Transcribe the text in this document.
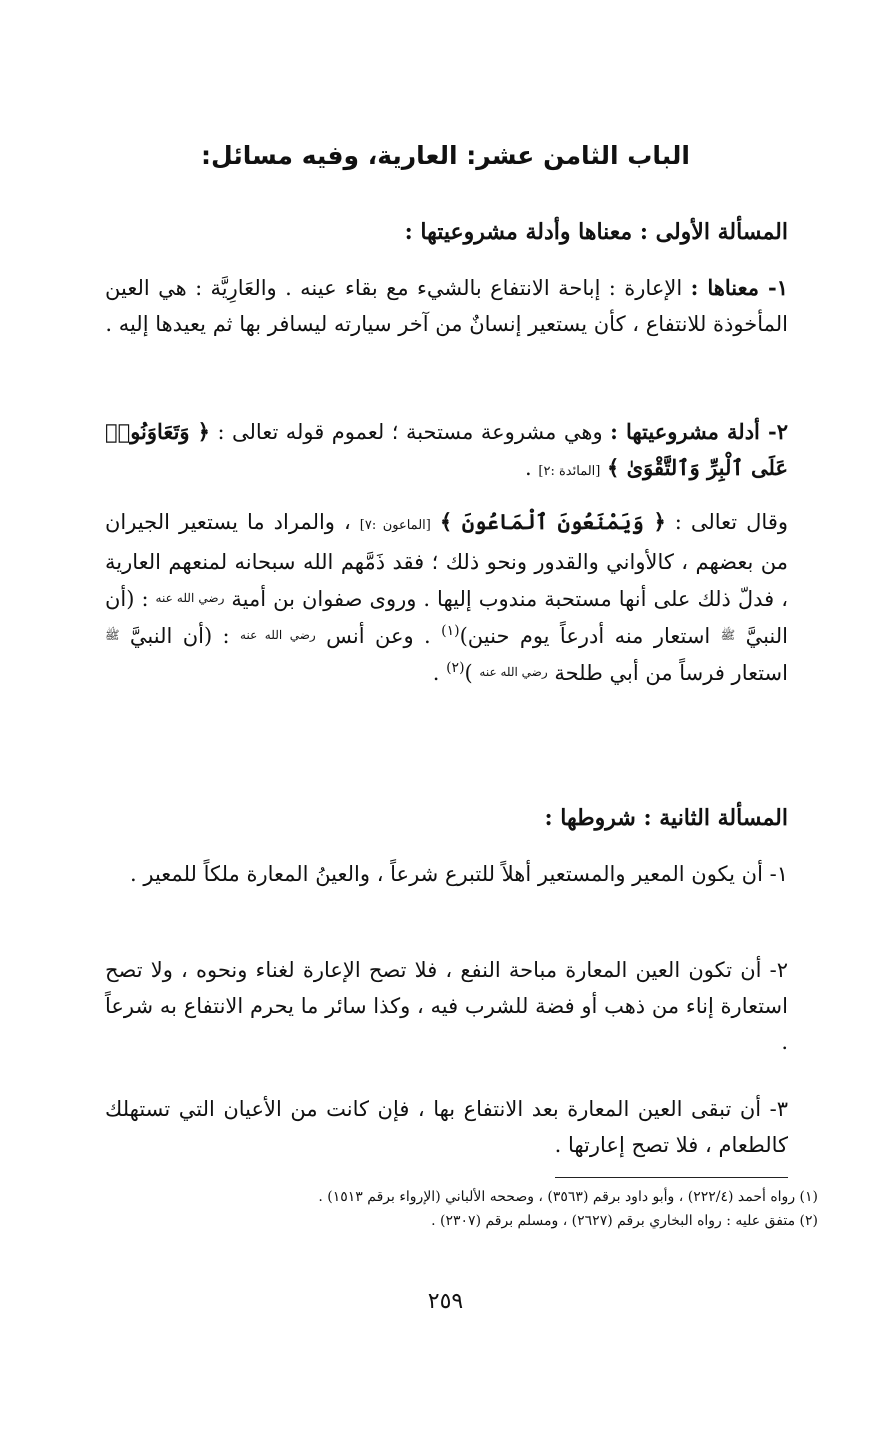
الباب الثامن عشر: العارية، وفيه مسائل:
المسألة الأولى : معناها وأدلة مشروعيتها :

١- معناها : الإعارة : إباحة الانتفاع بالشيء مع بقاء عينه . والعَارِيَّة : هي العين المأخوذة للانتفاع ، كأن يستعير إنسانٌ من آخر سيارته ليسافر بها ثم يعيدها إليه .

٢- أدلة مشروعيتها : وهي مشروعة مستحبة ؛ لعموم قوله تعالى : ﴿ وَتَعَاوَنُوا۟ عَلَى ٱلْبِرِّ وَٱلتَّقْوَىٰ ﴾ [المائدة :٢] .

وقال تعالى : ﴿ وَيَمْنَعُونَ ٱلْمَاعُونَ ﴾ [الماعون :٧] ، والمراد ما يستعير الجيران من بعضهم ، كالأواني والقدور ونحو ذلك ؛ فقد ذَمَّهم الله سبحانه لمنعهم العارية ، فدلّ ذلك على أنها مستحبة مندوب إليها . وروى صفوان بن أمية رضي الله عنه : (أن النبيَّ ﷺ استعار منه أدرعاً يوم حنين)$^{(١)}$ . وعن أنس رضي الله عنه : (أن النبيَّ ﷺ استعار فرساً من أبي طلحة رضي الله عنه )$^{(٢)}$ .

المسألة الثانية : شروطها :

١- أن يكون المعير والمستعير أهلاً للتبرع شرعاً ، والعينُ المعارة ملكاً للمعير .

٢- أن تكون العين المعارة مباحة النفع ، فلا تصح الإعارة لغناء ونحوه ، ولا تصح استعارة إناء من ذهب أو فضة للشرب فيه ، وكذا سائر ما يحرم الانتفاع به شرعاً .

٣- أن تبقى العين المعارة بعد الانتفاع بها ، فإن كانت من الأعيان التي تستهلك كالطعام ، فلا تصح إعارتها .

(١) رواه أحمد (٢٢٢/٤) ، وأبو داود برقم (٣٥٦٣) ، وصححه الألباني (الإرواء برقم ١٥١٣) .

(٢) متفق عليه : رواه البخاري برقم (٢٦٢٧) ، ومسلم برقم (٢٣٠٧) .

٢٥٩
